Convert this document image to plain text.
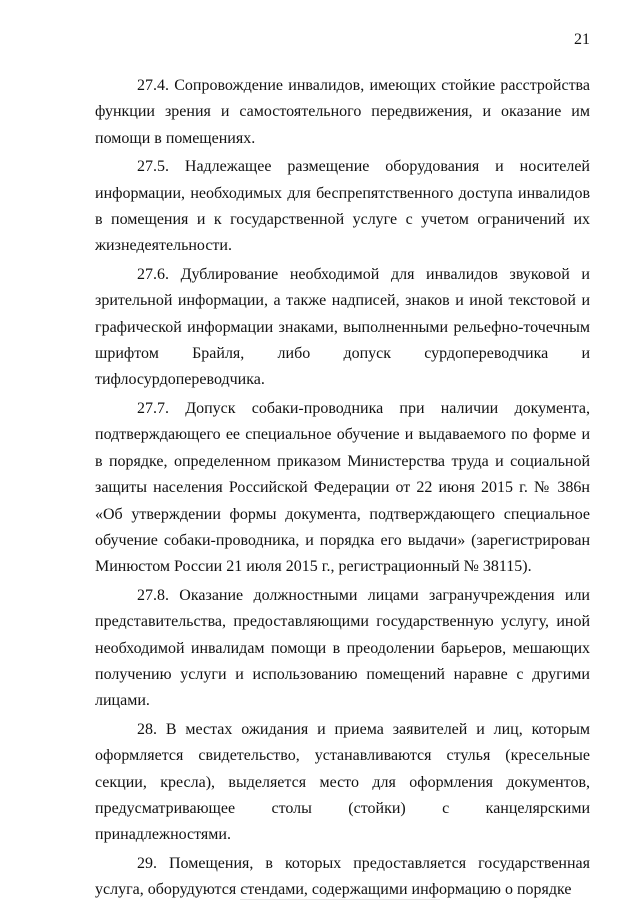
21

27.4. Сопровождение инвалидов, имеющих стойкие расстройства функции зрения и самостоятельного передвижения, и оказание им помощи в помещениях.

27.5. Надлежащее размещение оборудования и носителей информации, необходимых для беспрепятственного доступа инвалидов в помещения и к государственной услуге с учетом ограничений их жизнедеятельности.

27.6. Дублирование необходимой для инвалидов звуковой и зрительной информации, а также надписей, знаков и иной текстовой и графической информации знаками, выполненными рельефно-точечным шрифтом Брайля, либо допуск сурдопереводчика и тифлосурдопереводчика.

27.7. Допуск собаки-проводника при наличии документа, подтверждающего ее специальное обучение и выдаваемого по форме и в порядке, определенном приказом Министерства труда и социальной защиты населения Российской Федерации от 22 июня 2015 г. № 386н «Об утверждении формы документа, подтверждающего специальное обучение собаки-проводника, и порядка его выдачи» (зарегистрирован Минюстом России 21 июля 2015 г., регистрационный № 38115).

27.8. Оказание должностными лицами загранучреждения или представительства, предоставляющими государственную услугу, иной необходимой инвалидам помощи в преодолении барьеров, мешающих получению услуги и использованию помещений наравне с другими лицами.

28. В местах ожидания и приема заявителей и лиц, которым оформляется свидетельство, устанавливаются стулья (кресельные секции, кресла), выделяется место для оформления документов, предусматривающее столы (стойки) с канцелярскими принадлежностями.

29. Помещения, в которых предоставляется государственная услуга, оборудуются стендами, содержащими информацию о порядке
